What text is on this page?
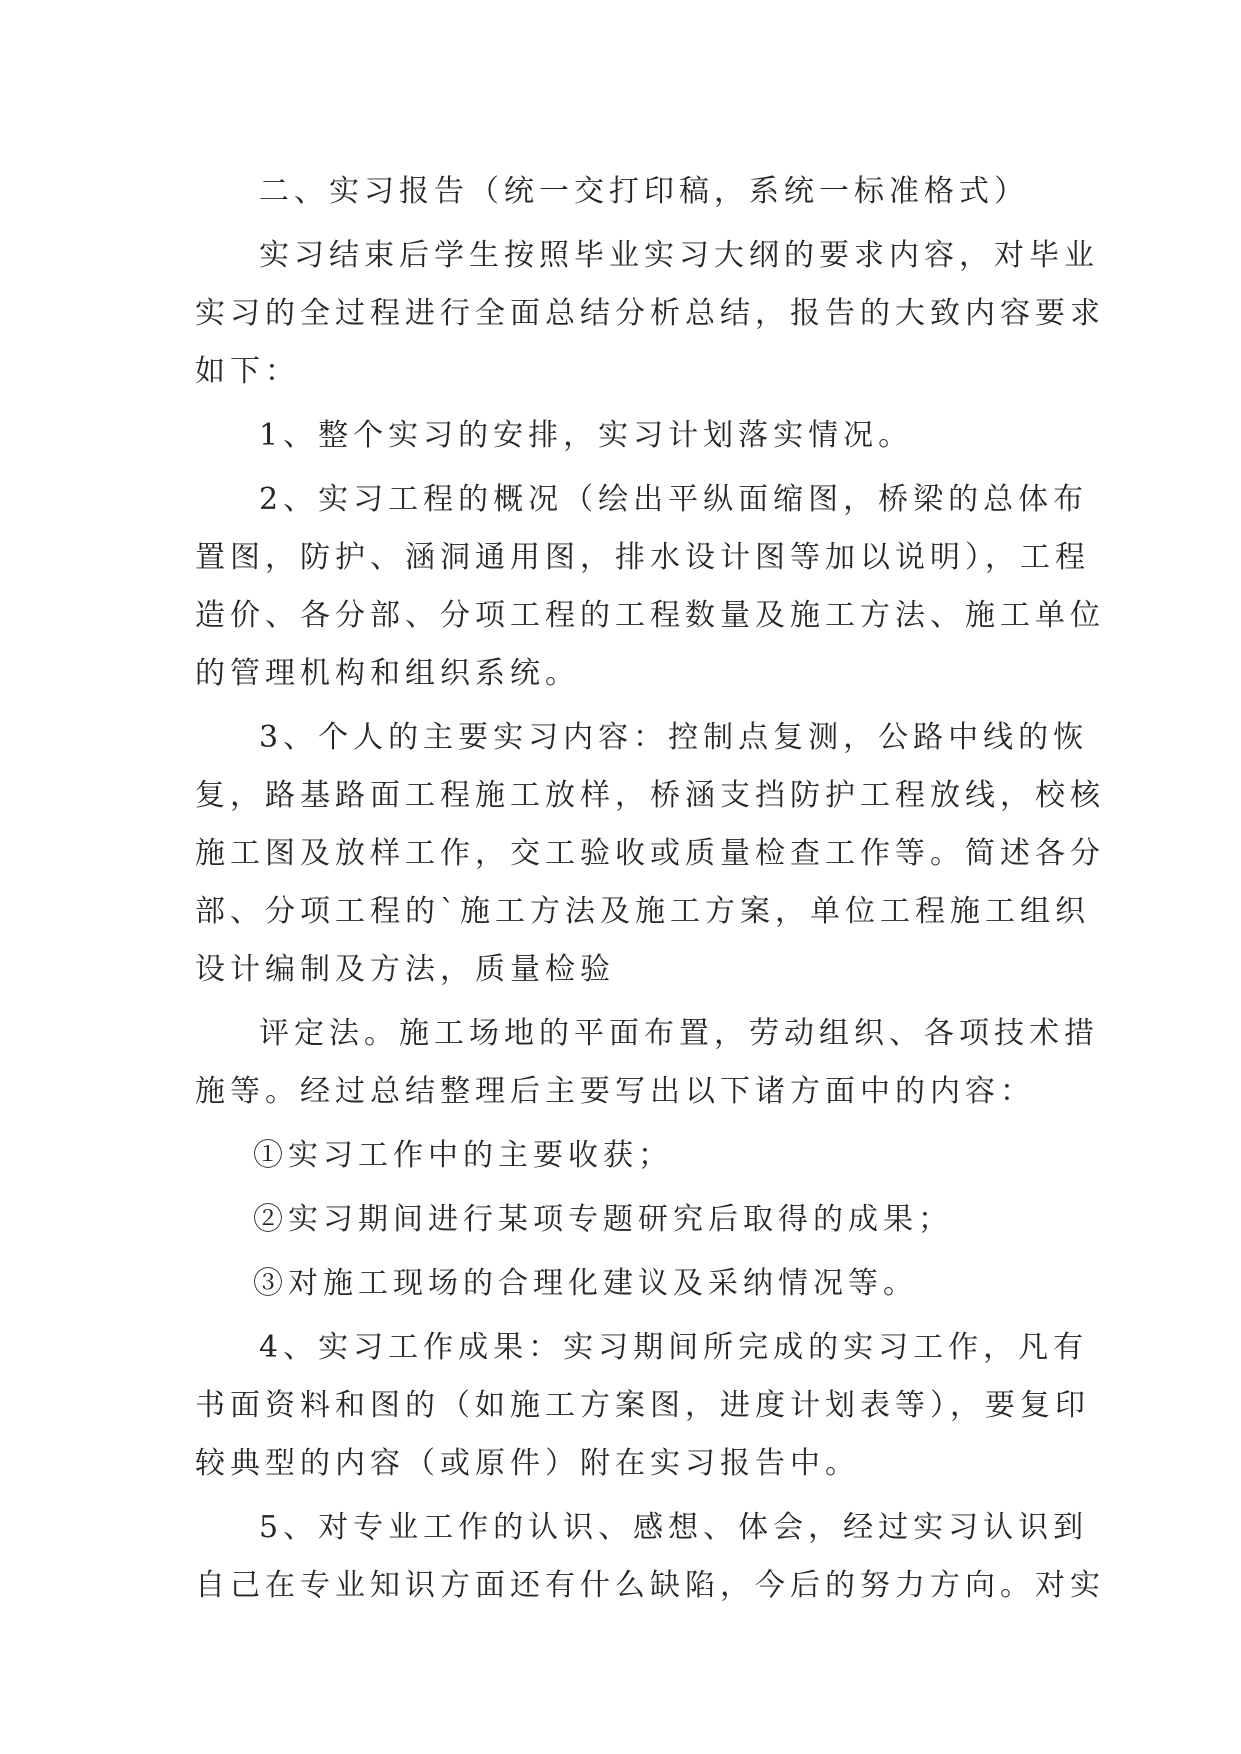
二、实习报告（统一交打印稿，系统一标准格式）

实习结束后学生按照毕业实习大纲的要求内容，对毕业
实习的全过程进行全面总结分析总结，报告的大致内容要求
如下：

1、整个实习的安排，实习计划落实情况。

2、实习工程的概况（绘出平纵面缩图，桥梁的总体布
置图，防护、涵洞通用图，排水设计图等加以说明），工程
造价、各分部、分项工程的工程数量及施工方法、施工单位
的管理机构和组织系统。

3、个人的主要实习内容：控制点复测，公路中线的恢
复，路基路面工程施工放样，桥涵支挡防护工程放线，校核
施工图及放样工作，交工验收或质量检查工作等。简述各分
部、分项工程的`施工方法及施工方案，单位工程施工组织
设计编制及方法，质量检验

评定法。施工场地的平面布置，劳动组织、各项技术措
施等。经过总结整理后主要写出以下诸方面中的内容：

①实习工作中的主要收获；

②实习期间进行某项专题研究后取得的成果；

③对施工现场的合理化建议及采纳情况等。

4、实习工作成果：实习期间所完成的实习工作，凡有
书面资料和图的（如施工方案图，进度计划表等），要复印
较典型的内容（或原件）附在实习报告中。

5、对专业工作的认识、感想、体会，经过实习认识到
自己在专业知识方面还有什么缺陷，今后的努力方向。对实
